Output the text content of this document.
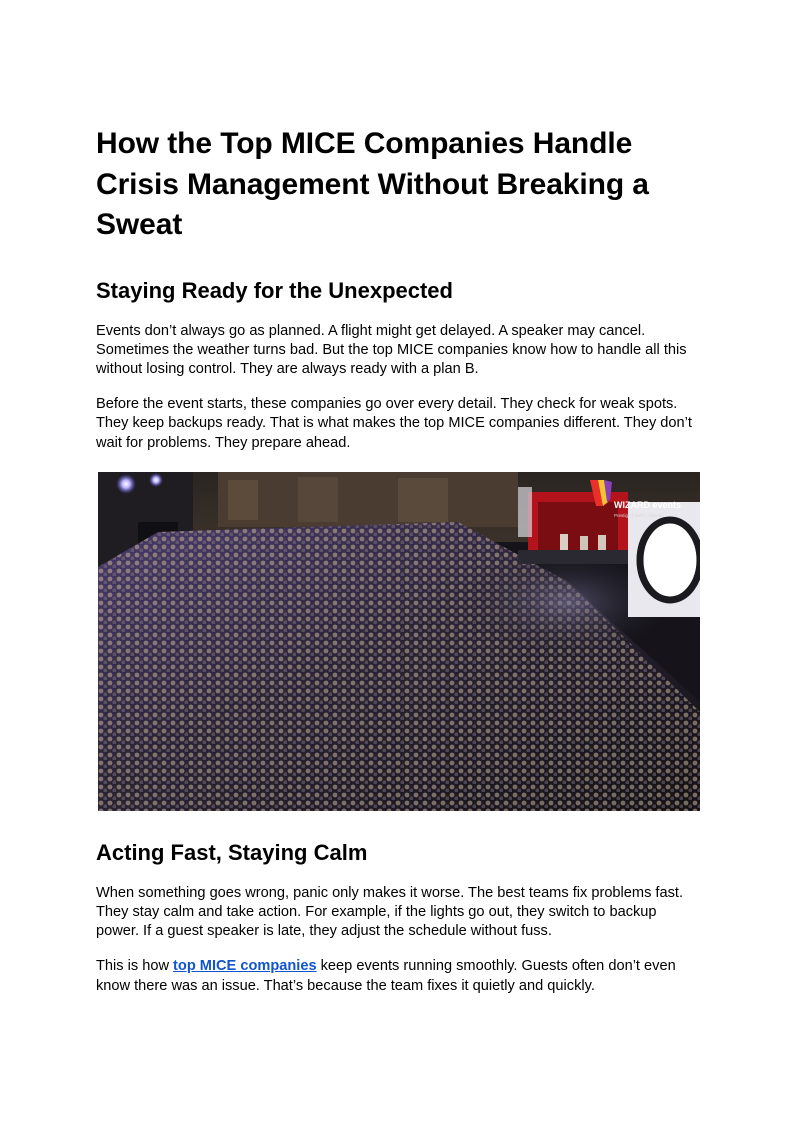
How the Top MICE Companies Handle Crisis Management Without Breaking a Sweat
Staying Ready for the Unexpected

Events don’t always go as planned. A flight might get delayed. A speaker may cancel. Sometimes the weather turns bad. But the top MICE companies know how to handle all this without losing control. They are always ready with a plan B.

Before the event starts, these companies go over every detail. They check for weak spots. They keep backups ready. That is what makes the top MICE companies different. They don’t wait for problems. They prepare ahead.

WIZARD events
Prestige | Tarifs | Saveur
Acting Fast, Staying Calm

When something goes wrong, panic only makes it worse. The best teams fix problems fast. They stay calm and take action. For example, if the lights go out, they switch to backup power. If a guest speaker is late, they adjust the schedule without fuss.

This is how top MICE companies keep events running smoothly. Guests often don’t even know there was an issue. That’s because the team fixes it quietly and quickly.
